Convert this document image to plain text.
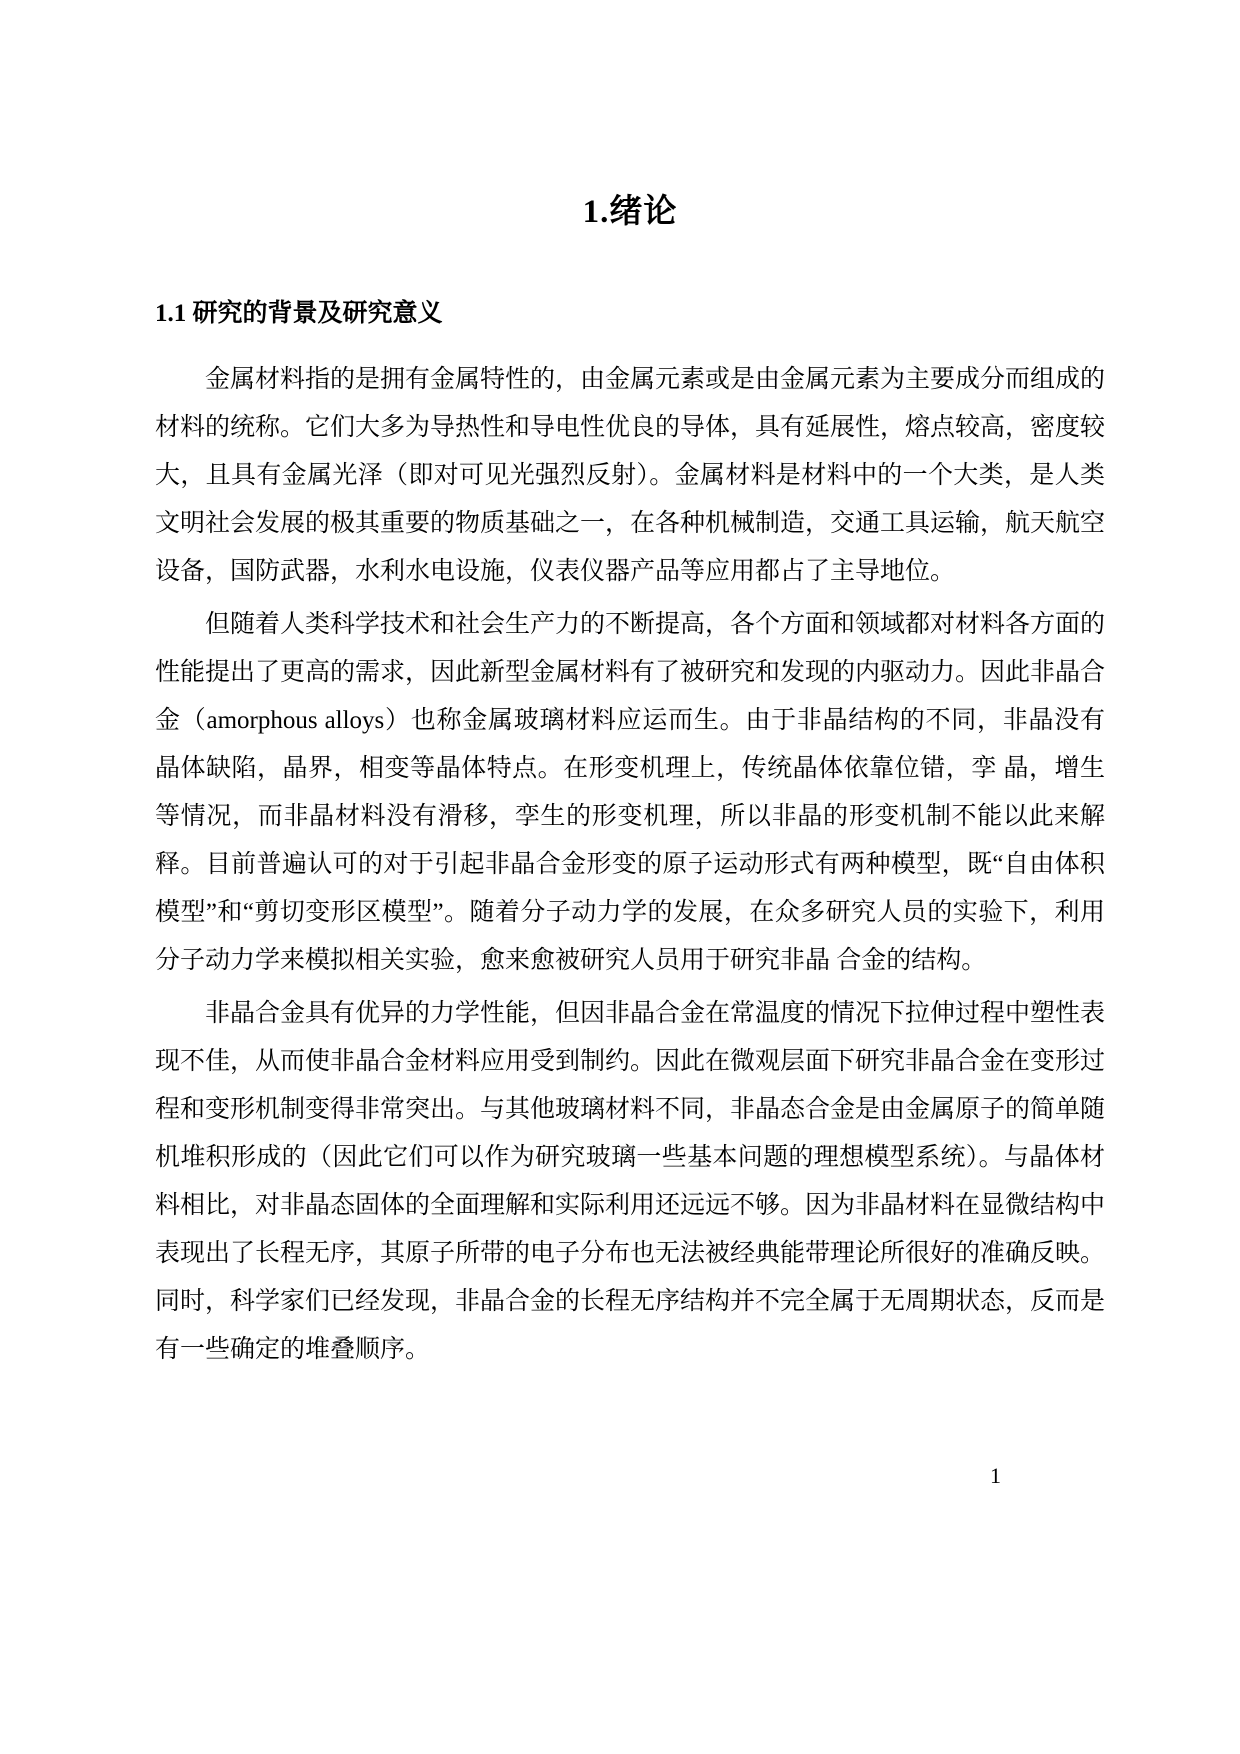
1.绪论
1.1 研究的背景及研究意义

金属材料指的是拥有金属特性的，由金属元素或是由金属元素为主要成分而组成的材料的统称。它们大多为导热性和导电性优良的导体，具有延展性，熔点较高，密度较大，且具有金属光泽（即对可见光强烈反射）。金属材料是材料中的一个大类，是人类文明社会发展的极其重要的物质基础之一，在各种机械制造，交通工具运输，航天航空设备，国防武器，水利水电设施，仪表仪器产品等应用都占了主导地位。

但随着人类科学技术和社会生产力的不断提高，各个方面和领域都对材料各方面的性能提出了更高的需求，因此新型金属材料有了被研究和发现的内驱动力。因此非晶合金（amorphous alloys）也称金属玻璃材料应运而生。由于非晶结构的不同，非晶没有晶体缺陷，晶界，相变等晶体特点。在形变机理上，传统晶体依靠位错，孪 晶，增生等情况，而非晶材料没有滑移，孪生的形变机理，所以非晶的形变机制不能以此来解释。目前普遍认可的对于引起非晶合金形变的原子运动形式有两种模型，既“自由体积模型”和“剪切变形区模型”。随着分子动力学的发展，在众多研究人员的实验下，利用分子动力学来模拟相关实验，愈来愈被研究人员用于研究非晶 合金的结构。

非晶合金具有优异的力学性能，但因非晶合金在常温度的情况下拉伸过程中塑性表现不佳，从而使非晶合金材料应用受到制约。因此在微观层面下研究非晶合金在变形过程和变形机制变得非常突出。与其他玻璃材料不同，非晶态合金是由金属原子的简单随机堆积形成的（因此它们可以作为研究玻璃一些基本问题的理想模型系统）。与晶体材料相比，对非晶态固体的全面理解和实际利用还远远不够。因为非晶材料在显微结构中表现出了长程无序，其原子所带的电子分布也无法被经典能带理论所很好的准确反映。同时，科学家们已经发现，非晶合金的长程无序结构并不完全属于无周期状态，反而是有一些确定的堆叠顺序。

1
